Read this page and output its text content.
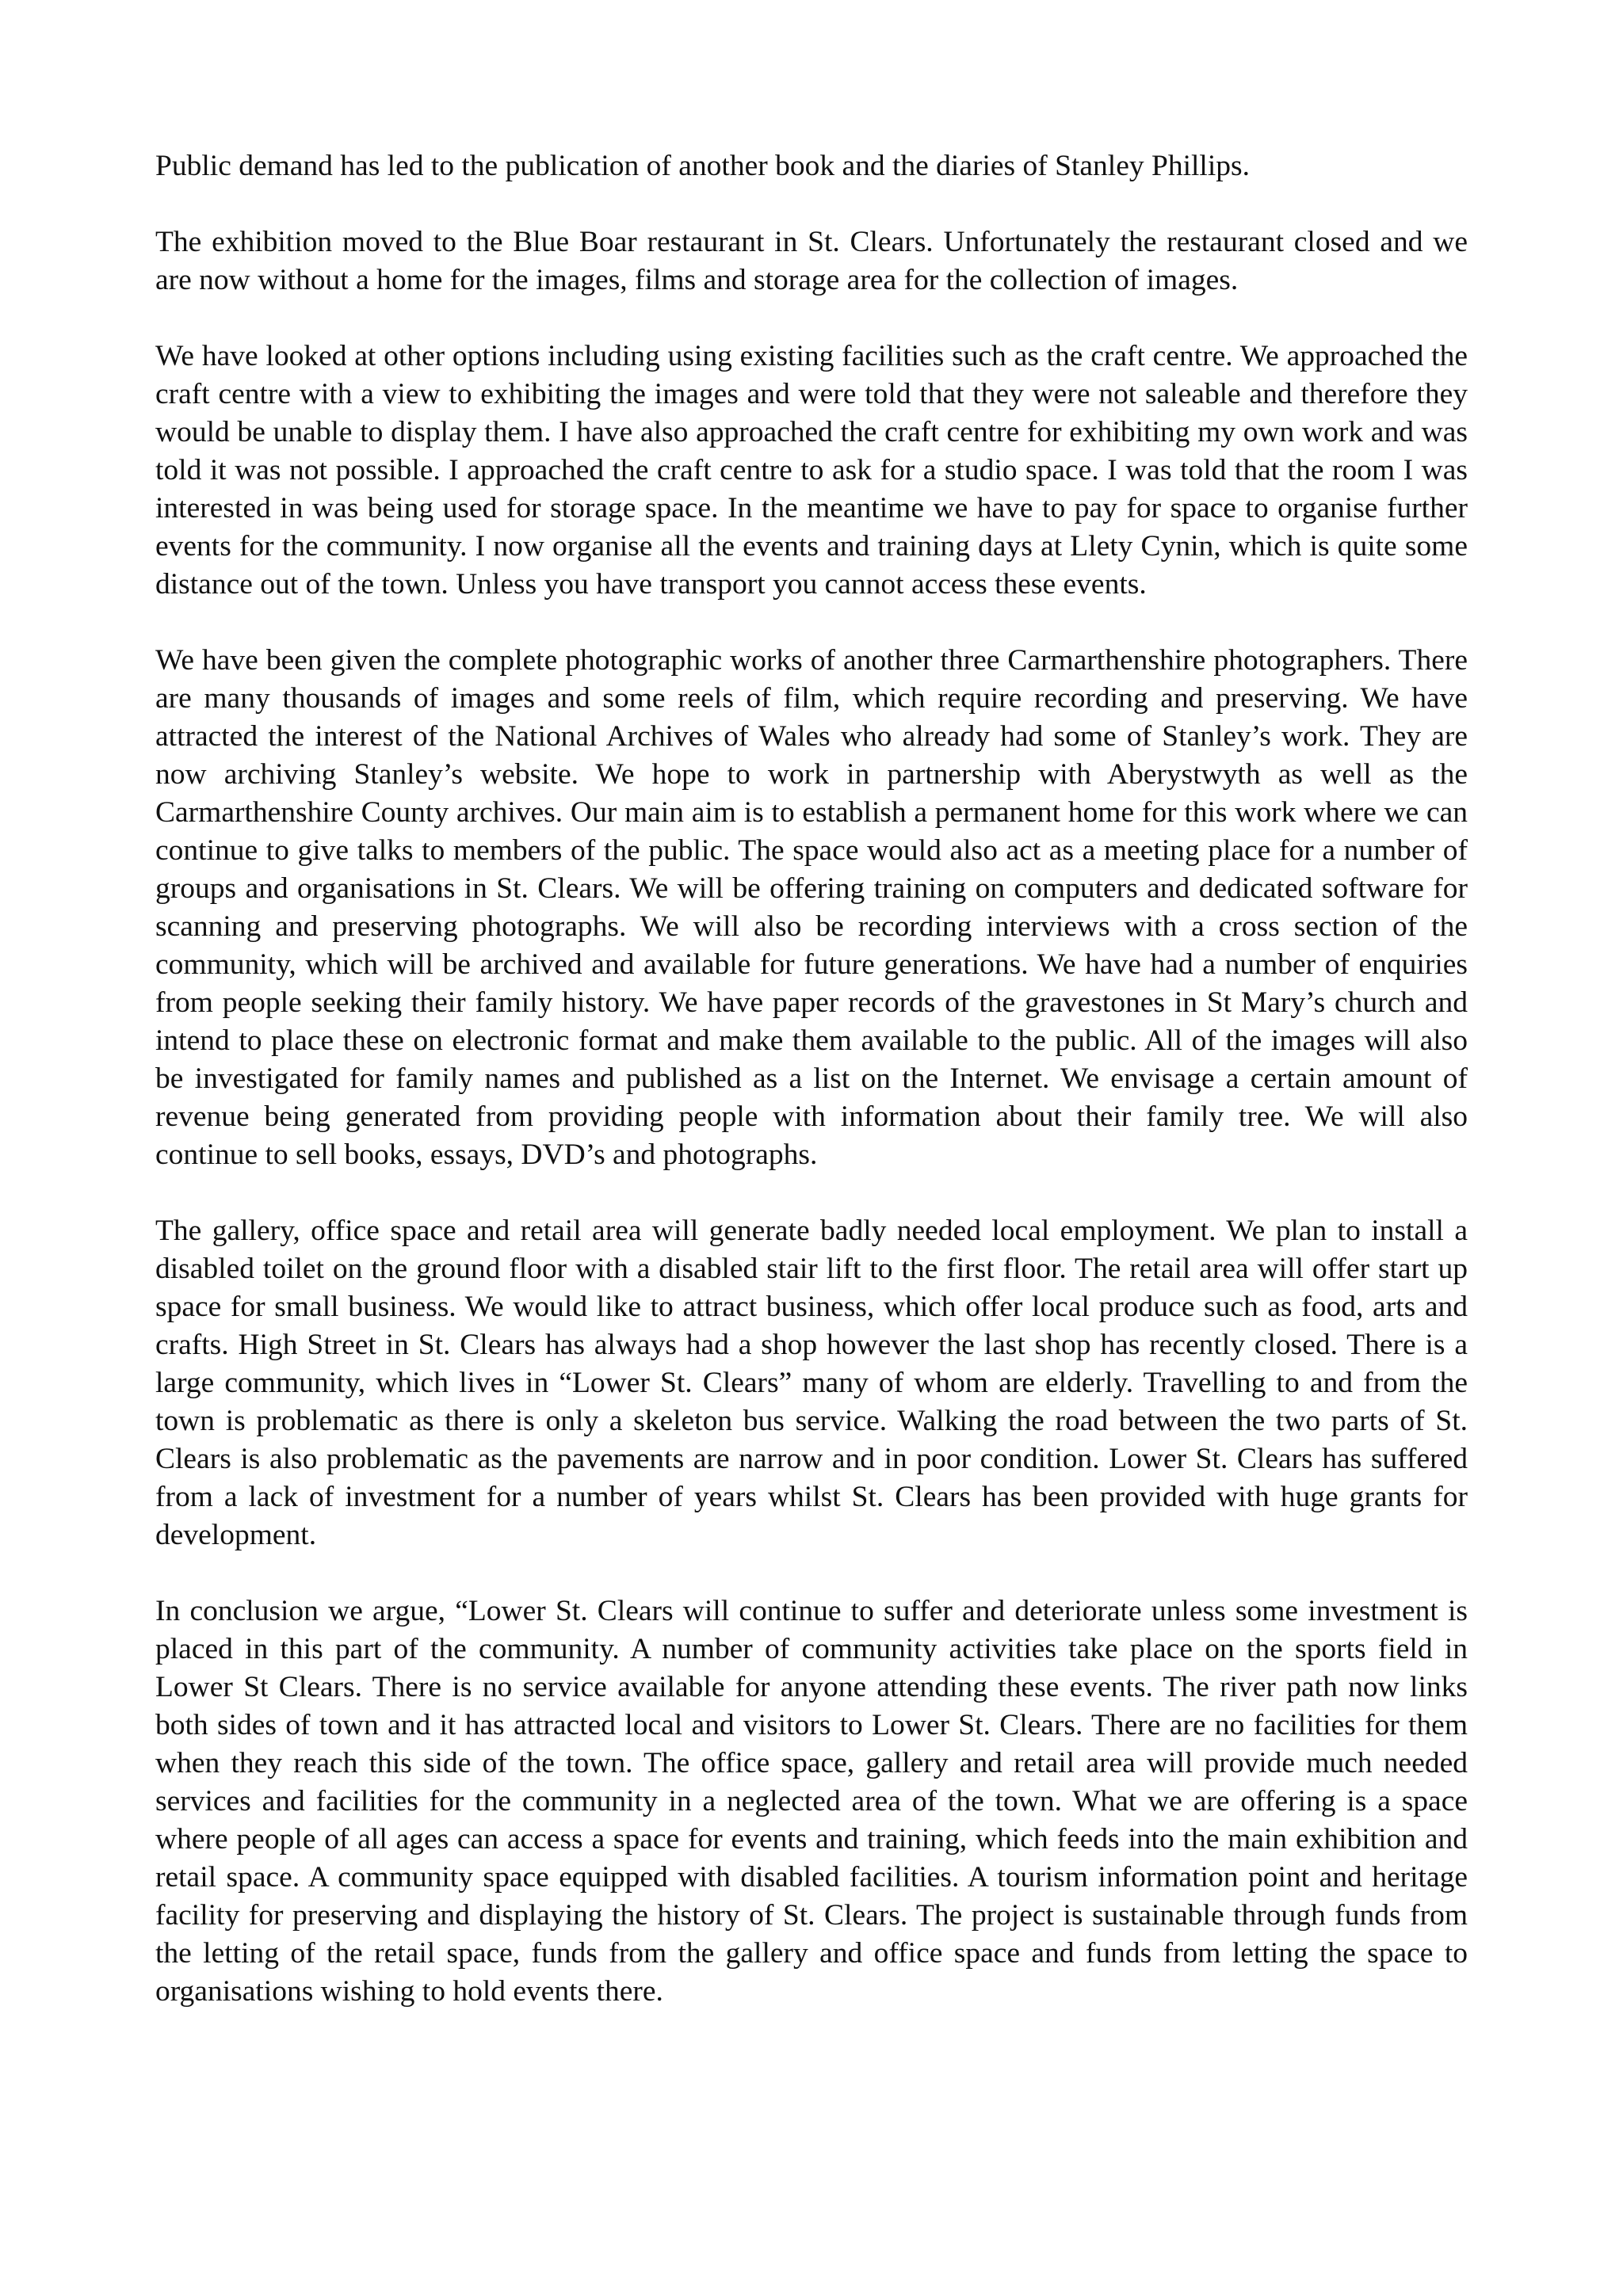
Public demand has led to the publication of another book and the diaries of Stanley Phillips.

The exhibition moved to the Blue Boar restaurant in St. Clears. Unfortunately the restaurant closed and we are now without a home for the images, films and storage area for the collection of images.

We have looked at other options including using existing facilities such as the craft centre. We approached the craft centre with a view to exhibiting the images and were told that they were not saleable and therefore they would be unable to display them. I have also approached the craft centre for exhibiting my own work and was told it was not possible. I approached the craft centre to ask for a studio space. I was told that the room I was interested in was being used for storage space. In the meantime we have to pay for space to organise further events for the community. I now organise all the events and training days at Llety Cynin, which is quite some distance out of the town. Unless you have transport you cannot access these events.

We have been given the complete photographic works of another three Carmarthenshire photographers. There are many thousands of images and some reels of film, which require recording and preserving. We have attracted the interest of the National Archives of Wales who already had some of Stanley’s work. They are now archiving Stanley’s website. We hope to work in partnership with Aberystwyth as well as the Carmarthenshire County archives. Our main aim is to establish a permanent home for this work where we can continue to give talks to members of the public. The space would also act as a meeting place for a number of groups and organisations in St. Clears. We will be offering training on computers and dedicated software for scanning and preserving photographs. We will also be recording interviews with a cross section of the community, which will be archived and available for future generations. We have had a number of enquiries from people seeking their family history. We have paper records of the gravestones in St Mary’s church and intend to place these on electronic format and make them available to the public. All of the images will also be investigated for family names and published as a list on the Internet. We envisage a certain amount of revenue being generated from providing people with information about their family tree. We will also continue to sell books, essays, DVD’s and photographs.

The gallery, office space and retail area will generate badly needed local employment. We plan to install a disabled toilet on the ground floor with a disabled stair lift to the first floor. The retail area will offer start up space for small business. We would like to attract business, which offer local produce such as food, arts and crafts. High Street in St. Clears has always had a shop however the last shop has recently closed. There is a large community, which lives in “Lower St. Clears” many of whom are elderly. Travelling to and from the town is problematic as there is only a skeleton bus service. Walking the road between the two parts of St. Clears is also problematic as the pavements are narrow and in poor condition. Lower St. Clears has suffered from a lack of investment for a number of years whilst St. Clears has been provided with huge grants for development.

In conclusion we argue, “Lower St. Clears will continue to suffer and deteriorate unless some investment is placed in this part of the community. A number of community activities take place on the sports field in Lower St Clears. There is no service available for anyone attending these events. The river path now links both sides of town and it has attracted local and visitors to Lower St. Clears. There are no facilities for them when they reach this side of the town. The office space, gallery and retail area will provide much needed services and facilities for the community in a neglected area of the town. What we are offering is a space where people of all ages can access a space for events and training, which feeds into the main exhibition and retail space. A community space equipped with disabled facilities. A tourism information point and heritage facility for preserving and displaying the history of St. Clears. The project is sustainable through funds from the letting of the retail space, funds from the gallery and office space and funds from letting the space to organisations wishing to hold events there.
